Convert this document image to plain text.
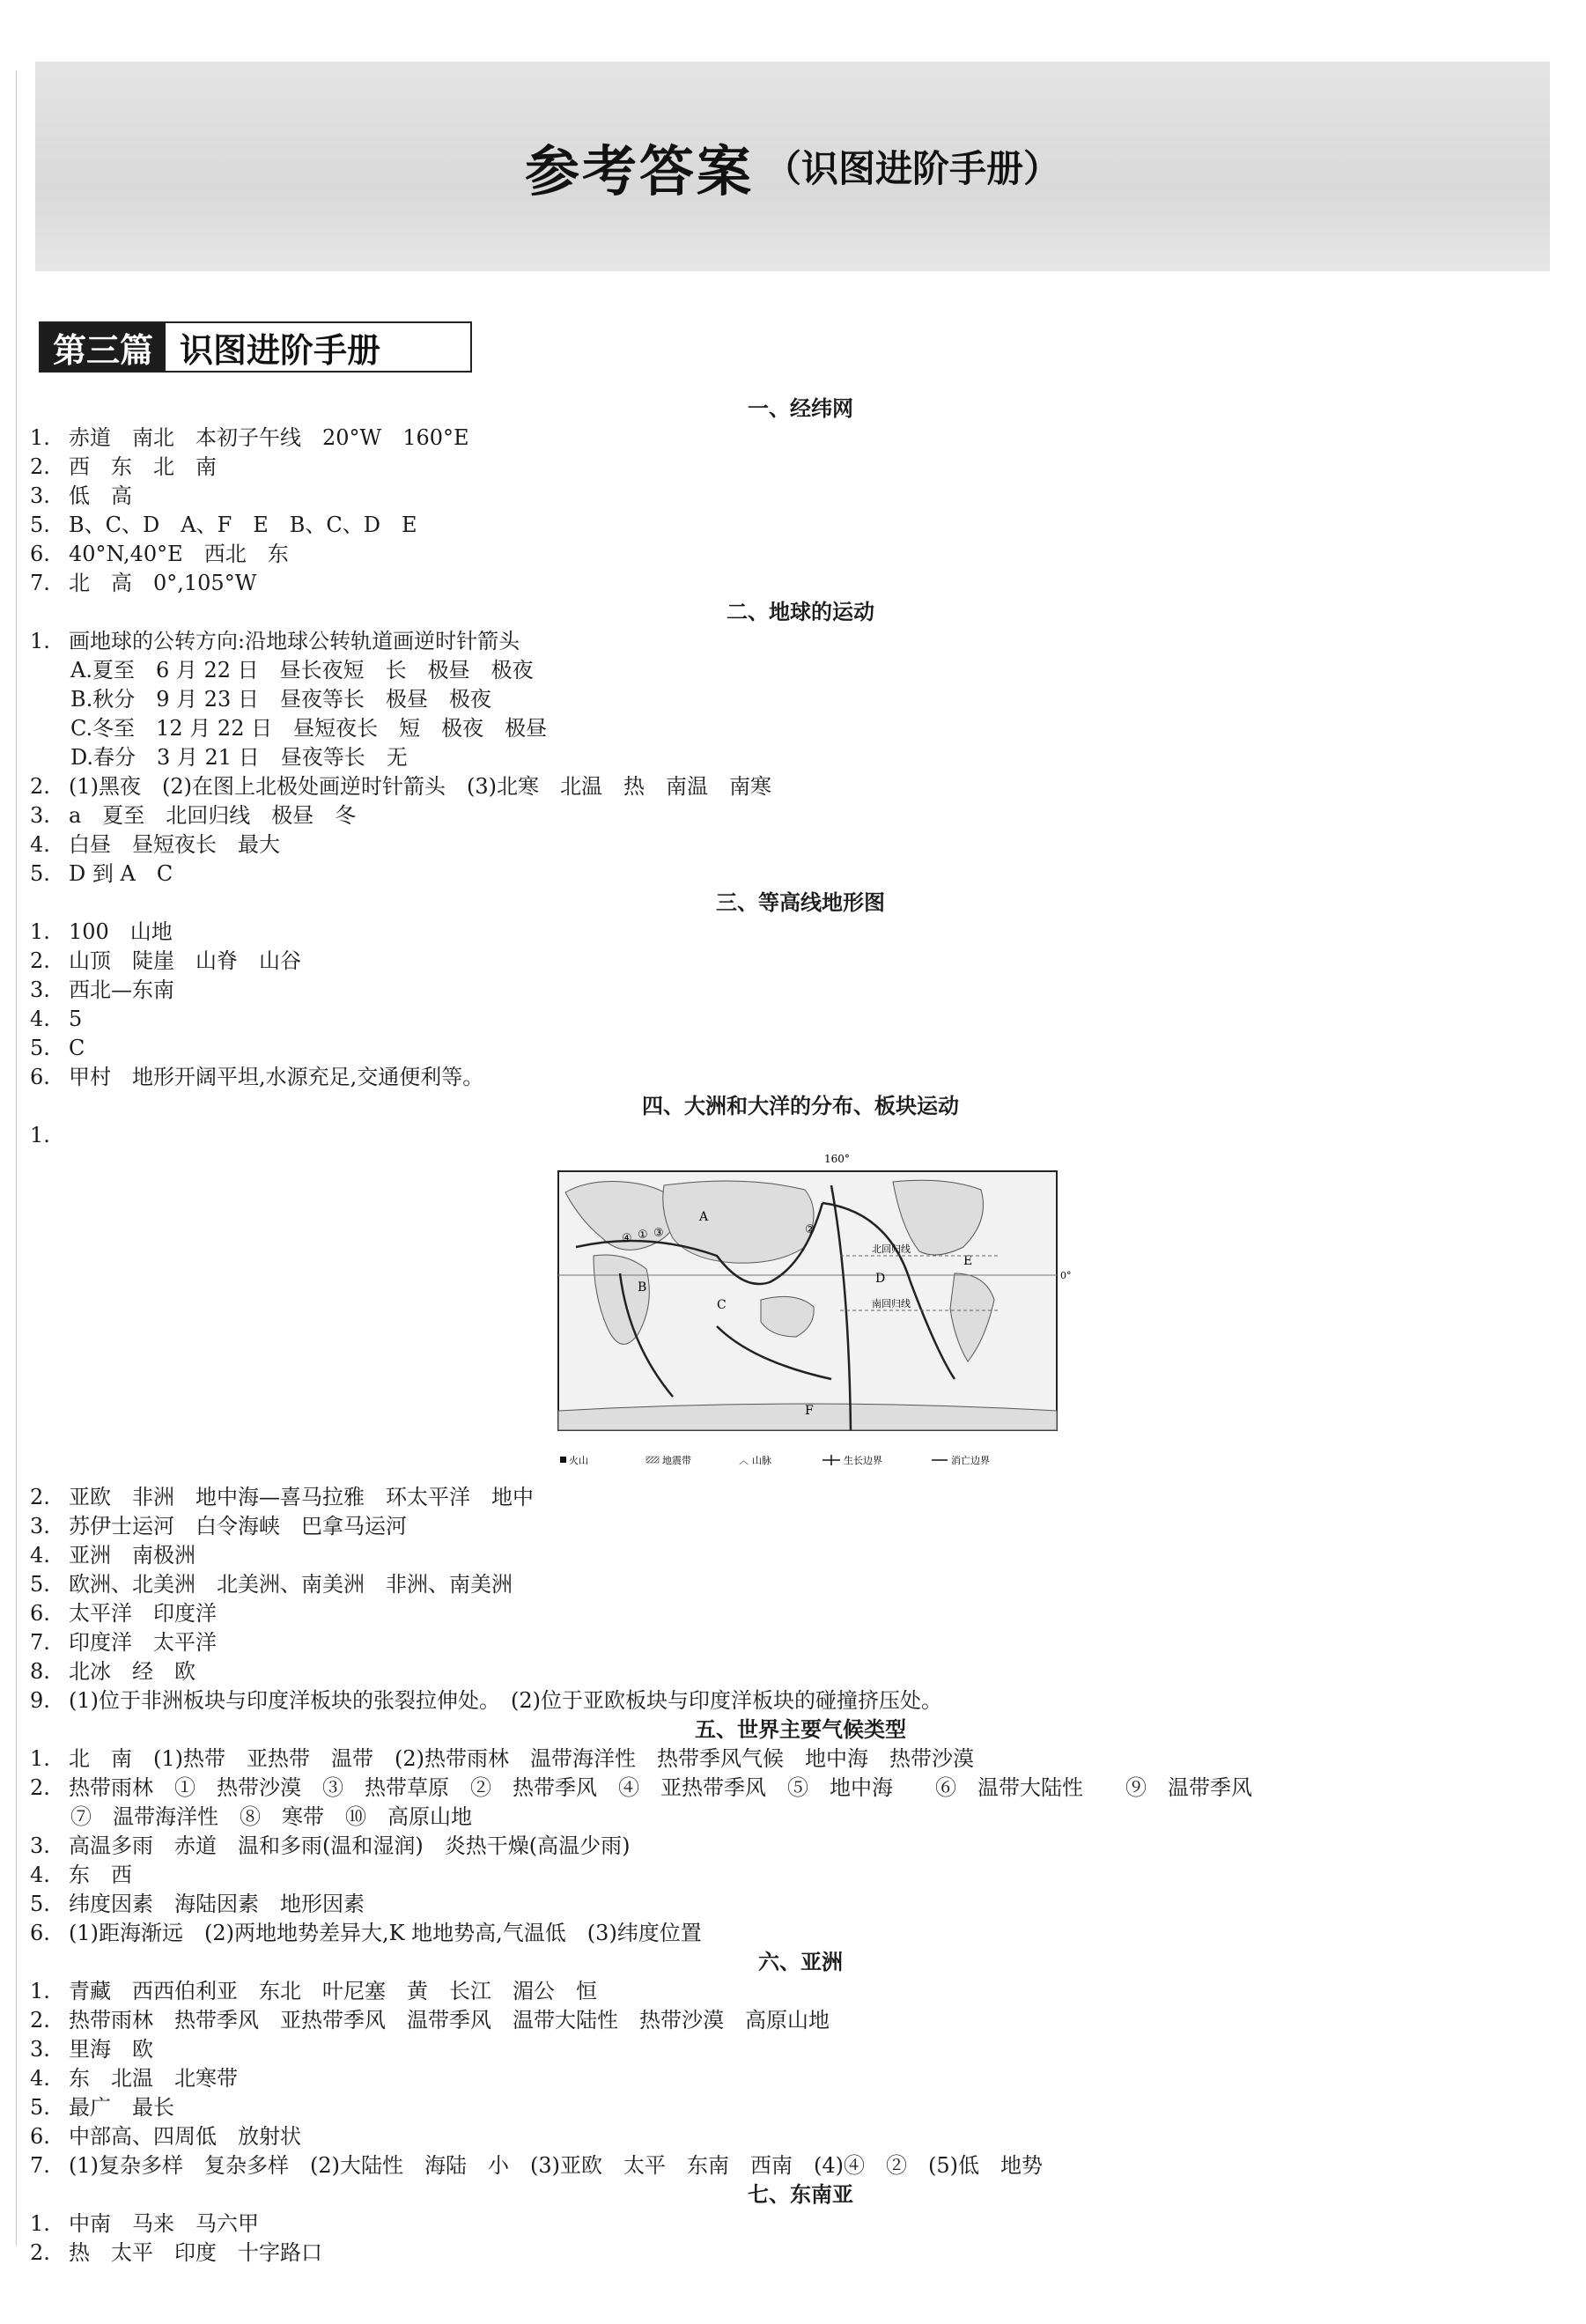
参考答案 （识图进阶手册）
第三篇 识图进阶手册
一、经纬网
1. 赤道　南北　本初子午线　20°W　160°E
2. 西　东　北　南
3. 低　高
5. B、C、D　A、F　E　B、C、D　E
6. 40°N,40°E　西北　东
7. 北　高　0°,105°W
二、地球的运动
1. 画地球的公转方向:沿地球公转轨道画逆时针箭头
A.夏至　6 月 22 日　昼长夜短　长　极昼　极夜
B.秋分　9 月 23 日　昼夜等长　极昼　极夜
C.冬至　12 月 22 日　昼短夜长　短　极夜　极昼
D.春分　3 月 21 日　昼夜等长　无
2. (1)黑夜　(2)在图上北极处画逆时针箭头　(3)北寒　北温　热　南温　南寒
3. a　夏至　北回归线　极昼　冬
4. 白昼　昼短夜长　最大
5. D 到 A　C
三、等高线地形图
1. 100　山地
2. 山顶　陡崖　山脊　山谷
3. 西北—东南
4. 5
5. C
6. 甲村　地形开阔平坦,水源充足,交通便利等。
四、大洲和大洋的分布、板块运动
1.
160°
A
B
C
D
E
F
①	②
③
④
北回归线
南回归线
0°
火山	地震带	︿ 山脉	生长边界	消亡边界
2. 亚欧　非洲　地中海—喜马拉雅　环太平洋　地中
3. 苏伊士运河　白令海峡　巴拿马运河
4. 亚洲　南极洲
5. 欧洲、北美洲　北美洲、南美洲　非洲、南美洲
6. 太平洋　印度洋
7. 印度洋　太平洋
8. 北冰　经　欧
9. (1)位于非洲板块与印度洋板块的张裂拉伸处。　(2)位于亚欧板块与印度洋板块的碰撞挤压处。
五、世界主要气候类型
1. 北　南　(1)热带　亚热带　温带　(2)热带雨林　温带海洋性　热带季风气候　地中海　热带沙漠
2. 热带雨林　①　热带沙漠　③　热带草原　②　热带季风　④　亚热带季风　⑤　地中海　　⑥　温带大陆性　　⑨　温带季风
⑦　温带海洋性　⑧　寒带　⑩　高原山地
3. 高温多雨　赤道　温和多雨(温和湿润)　炎热干燥(高温少雨)
4. 东　西
5. 纬度因素　海陆因素　地形因素
6. (1)距海渐远　(2)两地地势差异大,K 地地势高,气温低　(3)纬度位置
六、亚洲
1. 青藏　西西伯利亚　东北　叶尼塞　黄　长江　湄公　恒
2. 热带雨林　热带季风　亚热带季风　温带季风　温带大陆性　热带沙漠　高原山地
3. 里海　欧
4. 东　北温　北寒带
5. 最广　最长
6. 中部高、四周低　放射状
7. (1)复杂多样　复杂多样　(2)大陆性　海陆　小　(3)亚欧　太平　东南　西南　(4)④　②　(5)低　地势
七、东南亚
1. 中南　马来　马六甲
2. 热　太平　印度　十字路口
